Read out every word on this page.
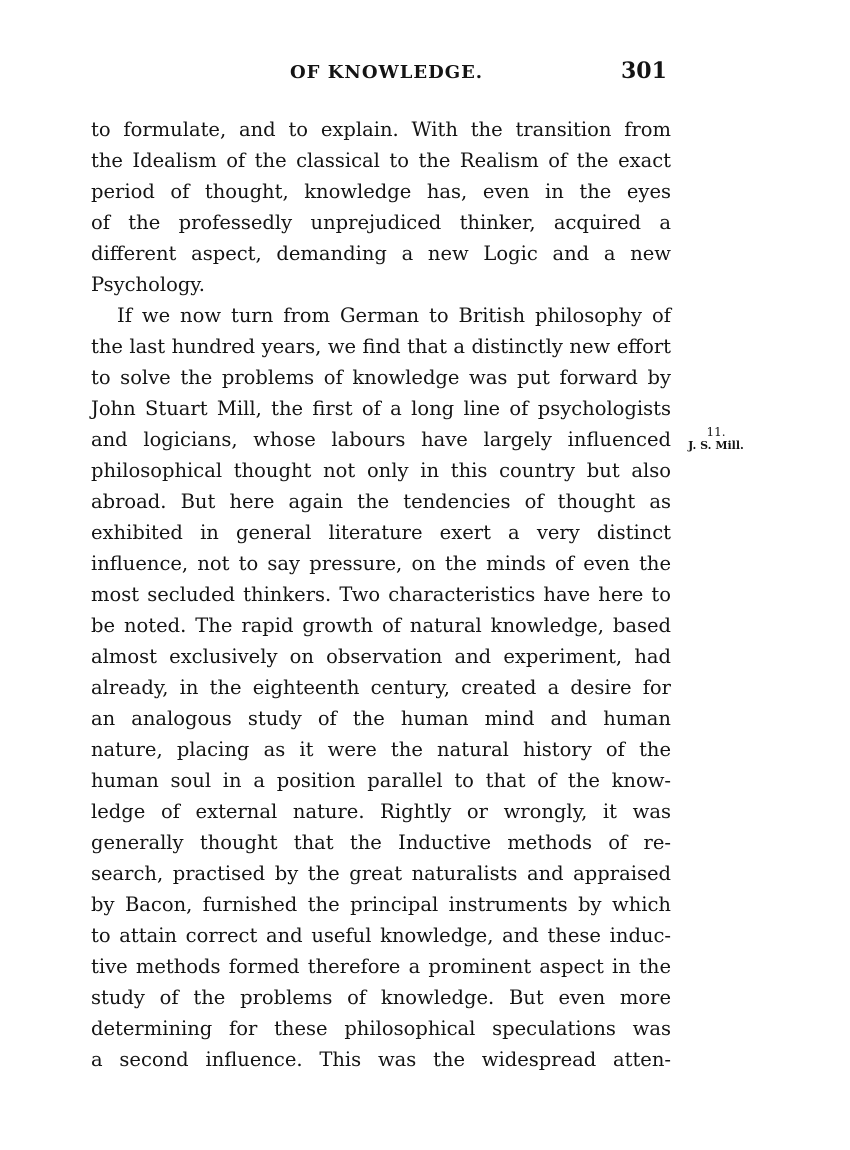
OF KNOWLEDGE.	301
to formulate, and to explain. With the transition from
the Idealism of the classical to the Realism of the exact
period of thought, knowledge has, even in the eyes
of the professedly unprejudiced thinker, acquired a
different aspect, demanding a new Logic and a new
Psychology.
If we now turn from German to British philosophy of
the last hundred years, we find that a distinctly new effort
to solve the problems of knowledge was put forward by
John Stuart Mill, the first of a long line of psychologists
and logicians, whose labours have largely influenced
philosophical thought not only in this country but also
abroad. But here again the tendencies of thought as
exhibited in general literature exert a very distinct
influence, not to say pressure, on the minds of even the
most secluded thinkers. Two characteristics have here to
be noted. The rapid growth of natural knowledge, based
almost exclusively on observation and experiment, had
already, in the eighteenth century, created a desire for
an analogous study of the human mind and human
nature, placing as it were the natural history of the
human soul in a position parallel to that of the know-
ledge of external nature. Rightly or wrongly, it was
generally thought that the Inductive methods of re-
search, practised by the great naturalists and appraised
by Bacon, furnished the principal instruments by which
to attain correct and useful knowledge, and these induc-
tive methods formed therefore a prominent aspect in the
study of the problems of knowledge. But even more
determining for these philosophical speculations was
a second influence. This was the widespread atten-
11.
J. S. Mill.
